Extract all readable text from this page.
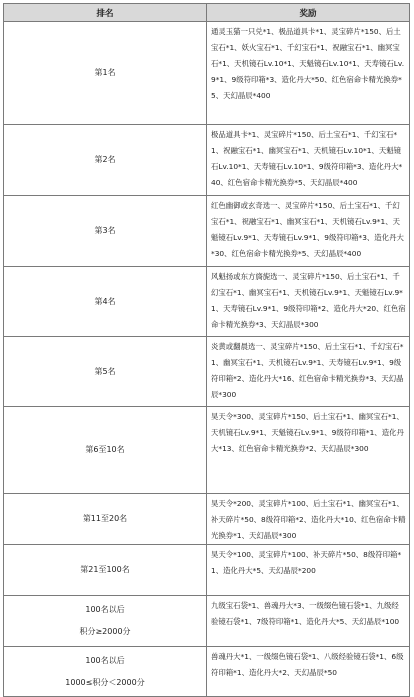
排名	奖励

第1名	通灵玉猫一只兑*1、极品道具卡*1、灵宝碎片*150、后土宝石*1、妖火宝石*1、千幻宝石*1、祝融宝石*1、幽冥宝石*1、天机镜石Lv.10*1、天魁镜石Lv.10*1、天寿镜石Lv.9*1、9级符印箱*3、造化丹大*50、红色宿命卡精光换券*5、天幻晶辰*400

第2名	极品道具卡*1、灵宝碎片*150、后土宝石*1、千幻宝石*1、祝融宝石*1、幽冥宝石*1、天机镜石Lv.10*1、天魁镜石Lv.10*1、天寿镜石Lv.10*1、9级符印箱*3、造化丹大*40、红色宿命卡精光换券*5、天幻晶辰*400

第3名	红色幽御或玄奇选一、灵宝碎片*150、后土宝石*1、千幻宝石*1、祝融宝石*1、幽冥宝石*1、天机镜石Lv.9*1、天魁镜石Lv.9*1、天寿镜石Lv.9*1、9级符印箱*3、造化丹大*30、红色宿命卡精光换券*5、天幻晶辰*400

第4名	风魁扬或东方旖旎选一、灵宝碎片*150、后土宝石*1、千幻宝石*1、幽冥宝石*1、天机镜石Lv.9*1、天魁镜石Lv.9*1、天寿镜石Lv.9*1、9级符印箱*2、造化丹大*20、红色宿命卡精光换券*3、天幻晶辰*300

第5名	炎黄或翻晨选一、灵宝碎片*150、后土宝石*1、千幻宝石*1、幽冥宝石*1、天机镜石Lv.9*1、天寿镜石Lv.9*1、9级符印箱*2、造化丹大*16、红色宿命卡精光换券*3、天幻晶辰*300

第6至10名	昊天令*300、灵宝碎片*150、后土宝石*1、幽冥宝石*1、天机镜石Lv.9*1、天魁镜石Lv.9*1、9级符印箱*1、造化丹大*13、红色宿命卡精光换券*2、天幻晶辰*300

第11至20名	昊天令*200、灵宝碎片*100、后土宝石*1、幽冥宝石*1、补天碎片*50、8级符印箱*2、造化丹大*10、红色宿命卡精光换券*1、天幻晶辰*300

第21至100名	昊天令*100、灵宝碎片*100、补天碎片*50、8级符印箱*1、造化丹大*5、天幻晶辰*200

100名以后
积分≥2000分	九级宝石袋*1、兽魂丹大*3、一级缀色镜石袋*1、九级经验镜石袋*1、7级符印箱*1、造化丹大*5、天幻晶辰*100

100名以后
1000≤积分＜2000分	兽魂丹大*1、一级缀色镜石袋*1、八级经验镜石袋*1、6级符印箱*1、造化丹大*2、天幻晶辰*50
